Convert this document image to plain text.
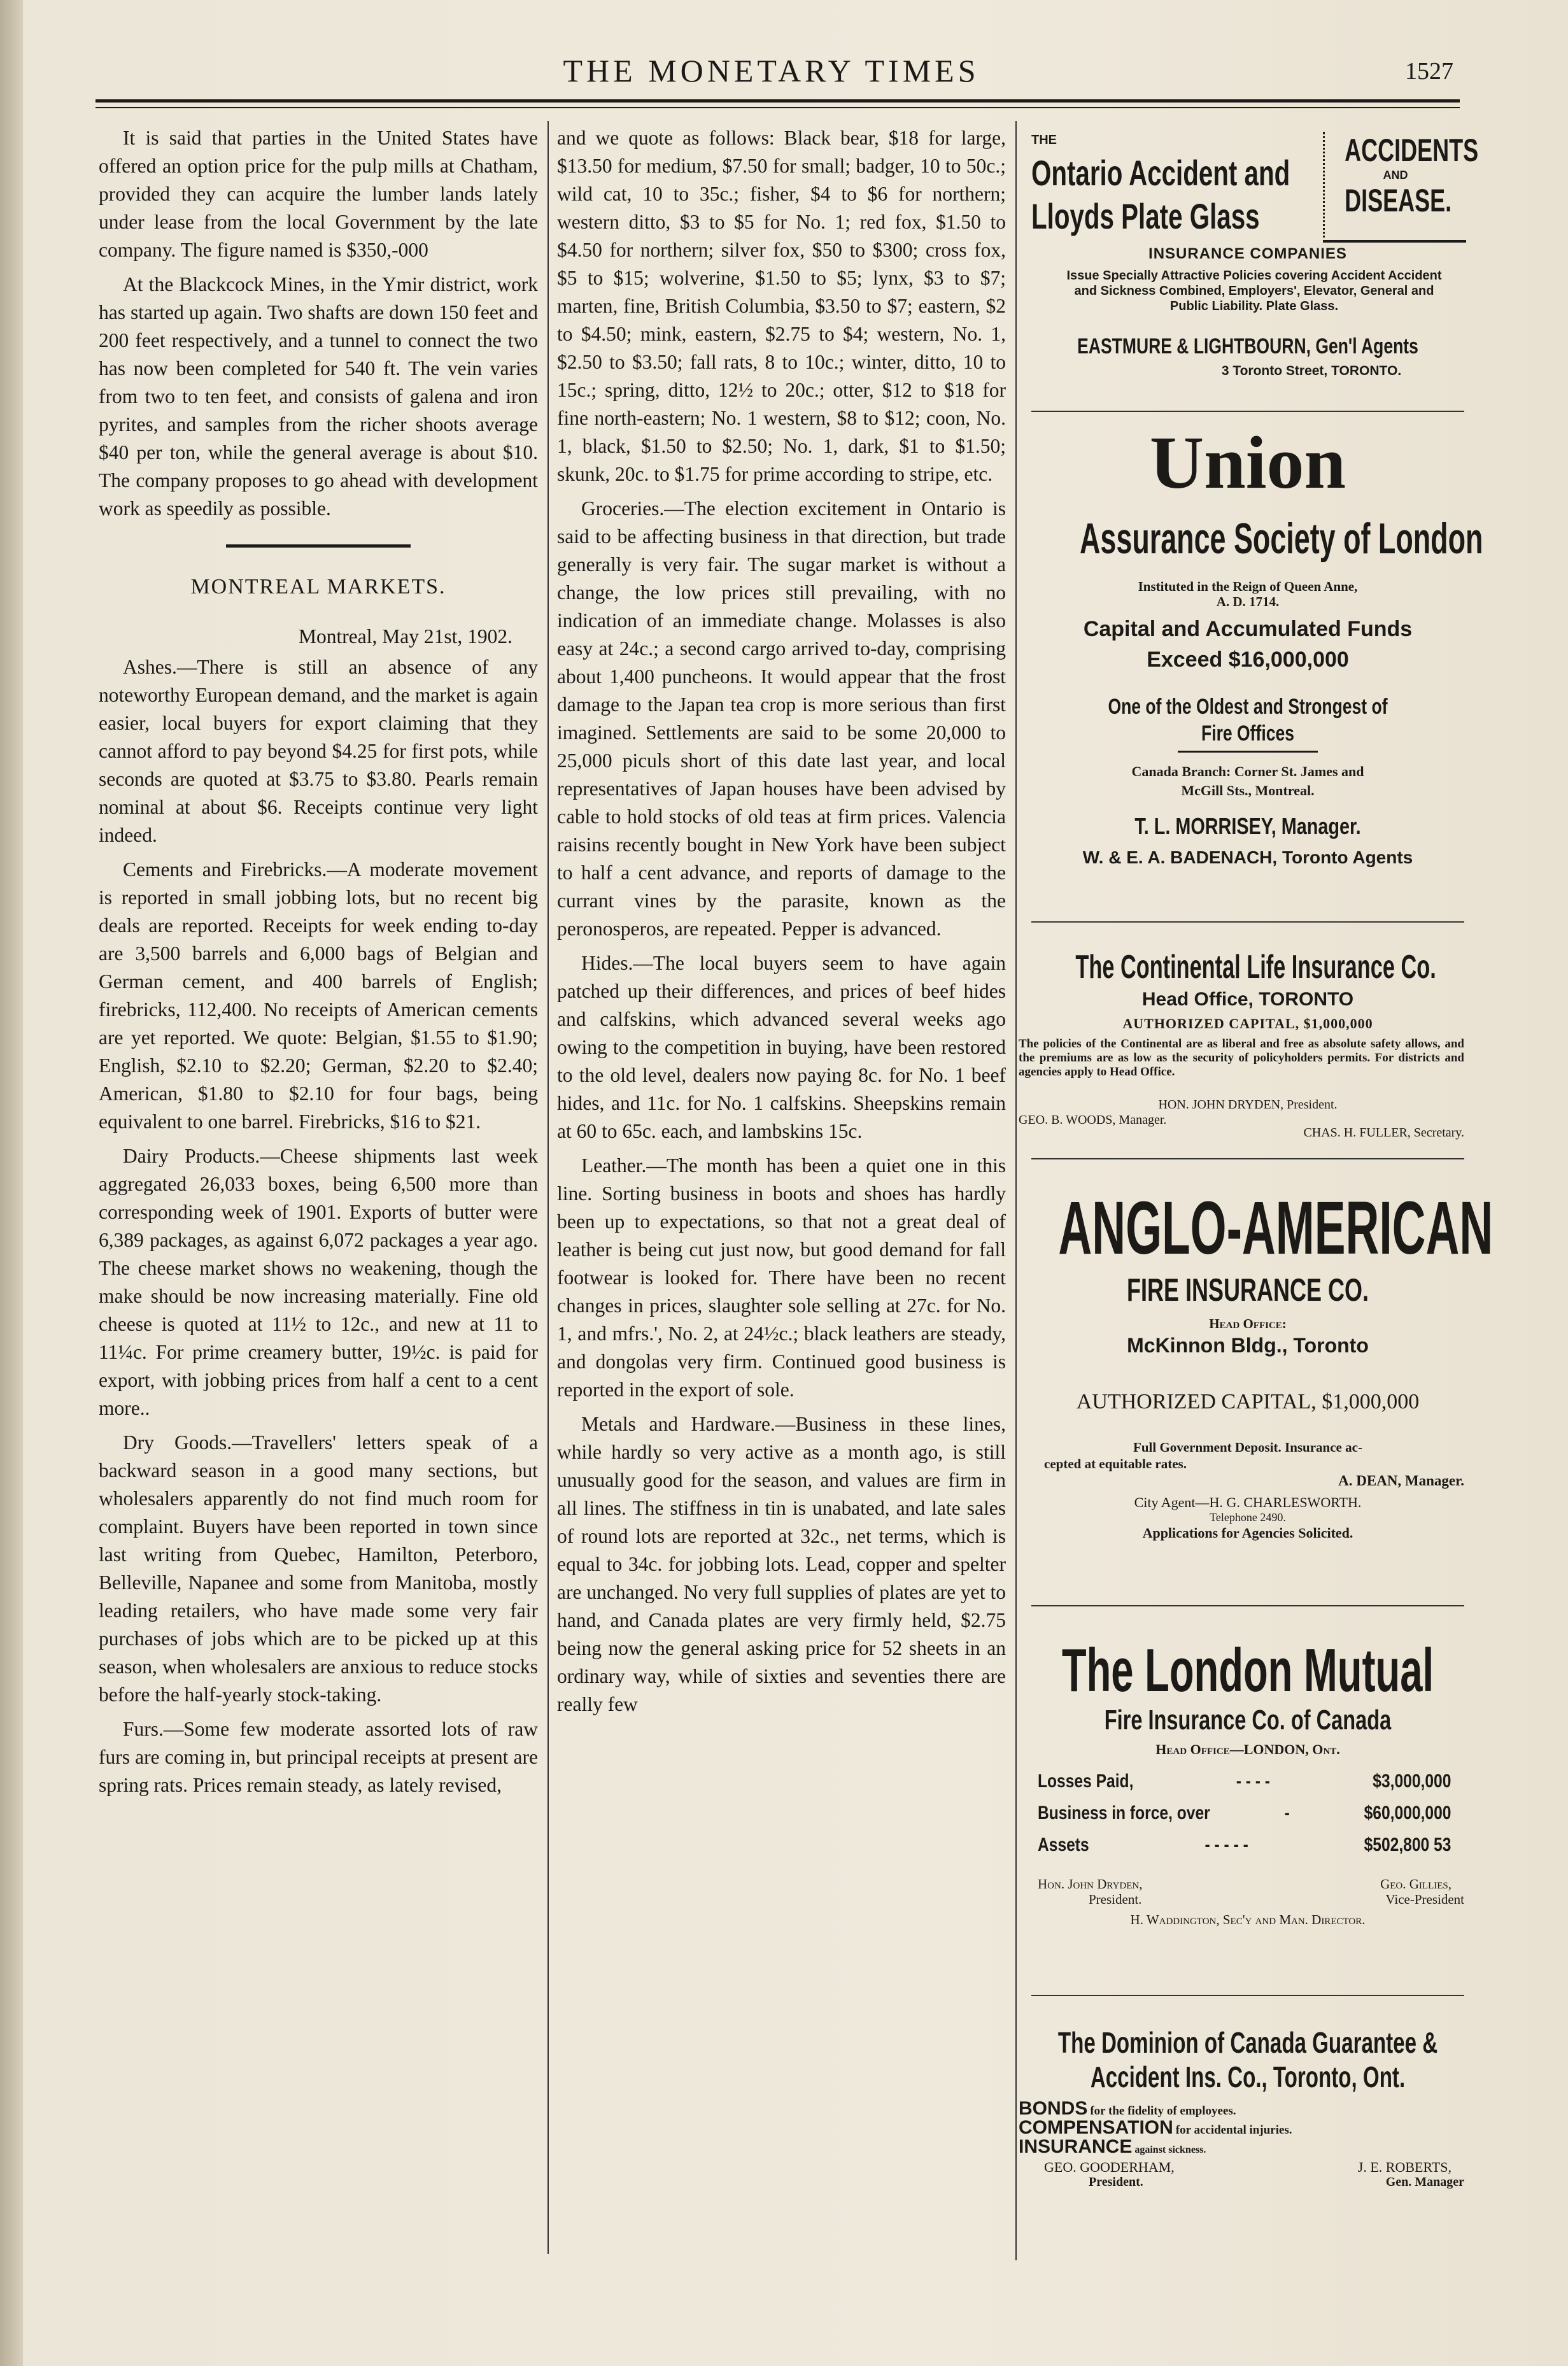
THE MONETARY TIMES	1527

It is said that parties in the United States have offered an option price for the pulp mills at Chatham, provided they can acquire the lumber lands lately under lease from the local Government by the late company. The figure named is $350,-000

At the Blackcock Mines, in the Ymir district, work has started up again. Two shafts are down 150 feet and 200 feet respectively, and a tunnel to connect the two has now been completed for 540 ft. The vein varies from two to ten feet, and consists of galena and iron pyrites, and samples from the richer shoots average $40 per ton, while the general average is about $10. The company proposes to go ahead with development work as speedily as possible.

MONTREAL MARKETS.
Montreal, May 21st, 1902.

Ashes.—There is still an absence of any noteworthy European demand, and the market is again easier, local buyers for export claiming that they cannot afford to pay beyond $4.25 for first pots, while seconds are quoted at $3.75 to $3.80. Pearls remain nominal at about $6. Receipts continue very light indeed.

Cements and Firebricks.—A moderate movement is reported in small jobbing lots, but no recent big deals are reported. Receipts for week ending to-day are 3,500 barrels and 6,000 bags of Belgian and German cement, and 400 barrels of English; firebricks, 112,400. No receipts of American cements are yet reported. We quote: Belgian, $1.55 to $1.90; English, $2.10 to $2.20; German, $2.20 to $2.40; American, $1.80 to $2.10 for four bags, being equivalent to one barrel. Firebricks, $16 to $21.

Dairy Products.—Cheese shipments last week aggregated 26,033 boxes, being 6,500 more than corresponding week of 1901. Exports of butter were 6,389 packages, as against 6,072 packages a year ago. The cheese market shows no weakening, though the make should be now increasing materially. Fine old cheese is quoted at 11½ to 12c., and new at 11 to 11¼c. For prime creamery butter, 19½c. is paid for export, with jobbing prices from half a cent to a cent more..

Dry Goods.—Travellers' letters speak of a backward season in a good many sections, but wholesalers apparently do not find much room for complaint. Buyers have been reported in town since last writing from Quebec, Hamilton, Peterboro, Belleville, Napanee and some from Manitoba, mostly leading retailers, who have made some very fair purchases of jobs which are to be picked up at this season, when wholesalers are anxious to reduce stocks before the half-yearly stock-taking.

Furs.—Some few moderate assorted lots of raw furs are coming in, but principal receipts at present are spring rats. Prices remain steady, as lately revised,

and we quote as follows: Black bear, $18 for large, $13.50 for medium, $7.50 for small; badger, 10 to 50c.; wild cat, 10 to 35c.; fisher, $4 to $6 for northern; western ditto, $3 to $5 for No. 1; red fox, $1.50 to $4.50 for northern; silver fox, $50 to $300; cross fox, $5 to $15; wolverine, $1.50 to $5; lynx, $3 to $7; marten, fine, British Columbia, $3.50 to $7; eastern, $2 to $4.50; mink, eastern, $2.75 to $4; western, No. 1, $2.50 to $3.50; fall rats, 8 to 10c.; winter, ditto, 10 to 15c.; spring, ditto, 12½ to 20c.; otter, $12 to $18 for fine north-eastern; No. 1 western, $8 to $12; coon, No. 1, black, $1.50 to $2.50; No. 1, dark, $1 to $1.50; skunk, 20c. to $1.75 for prime according to stripe, etc.

Groceries.—The election excitement in Ontario is said to be affecting business in that direction, but trade generally is very fair. The sugar market is without a change, the low prices still prevailing, with no indication of an immediate change. Molasses is also easy at 24c.; a second cargo arrived to-day, comprising about 1,400 puncheons. It would appear that the frost damage to the Japan tea crop is more serious than first imagined. Settlements are said to be some 20,000 to 25,000 piculs short of this date last year, and local representatives of Japan houses have been advised by cable to hold stocks of old teas at firm prices. Valencia raisins recently bought in New York have been subject to half a cent advance, and reports of damage to the currant vines by the parasite, known as the peronosperos, are repeated. Pepper is advanced.

Hides.—The local buyers seem to have again patched up their differences, and prices of beef hides and calfskins, which advanced several weeks ago owing to the competition in buying, have been restored to the old level, dealers now paying 8c. for No. 1 beef hides, and 11c. for No. 1 calfskins. Sheepskins remain at 60 to 65c. each, and lambskins 15c.

Leather.—The month has been a quiet one in this line. Sorting business in boots and shoes has hardly been up to expectations, so that not a great deal of leather is being cut just now, but good demand for fall footwear is looked for. There have been no recent changes in prices, slaughter sole selling at 27c. for No. 1, and mfrs.', No. 2, at 24½c.; black leathers are steady, and dongolas very firm. Continued good business is reported in the export of sole.

Metals and Hardware.—Business in these lines, while hardly so very active as a month ago, is still unusually good for the season, and values are firm in all lines. The stiffness in tin is unabated, and late sales of round lots are reported at 32c., net terms, which is equal to 34c. for jobbing lots. Lead, copper and spelter are unchanged. No very full supplies of plates are yet to hand, and Canada plates are very firmly held, $2.75 being now the general asking price for 52 sheets in an ordinary way, while of sixties and seventies there are really few

THE
Ontario Accident and
Lloyds Plate Glass
ACCIDENTS
AND
DISEASE.
INSURANCE COMPANIES
Issue Specially Attractive Policies covering Accident Accident and Sickness Combined, Employers', Elevator, General and Public Liability. Plate Glass.
EASTMURE & LIGHTBOURN, Gen'l Agents
3 Toronto Street, TORONTO.
Union
Assurance Society of London
Instituted in the Reign of Queen Anne,
A. D. 1714.
Capital and Accumulated Funds
Exceed $16,000,000
One of the Oldest and Strongest of
Fire Offices
Canada Branch: Corner St. James and
McGill Sts., Montreal.
T. L. MORRISEY, Manager.
W. & E. A. BADENACH, Toronto Agents
The Continental Life Insurance Co.
Head Office, TORONTO
AUTHORIZED CAPITAL, $1,000,000
The policies of the Continental are as liberal and free as absolute safety allows, and the premiums are as low as the security of policyholders permits. For districts and agencies apply to Head Office.
HON. JOHN DRYDEN, President.
GEO. B. WOODS, Manager.
CHAS. H. FULLER, Secretary.
ANGLO-AMERICAN
FIRE INSURANCE CO.
Head Office:
McKinnon Bldg., Toronto
AUTHORIZED CAPITAL, $1,000,000
Full Government Deposit. Insurance ac-
cepted at equitable rates.
A. DEAN, Manager.
City Agent—H. G. CHARLESWORTH.
Telephone 2490.
Applications for Agencies Solicited.
The London Mutual
Fire Insurance Co. of Canada
Head Office—LONDON, Ont.
Losses Paid,	- - - -	$3,000,000
Business in force, over	-	$60,000,000
Assets	- - - - -	$502,800 53
Hon. John Dryden,
President.
Geo. Gillies,
Vice-President
H. Waddington, Sec'y and Man. Director.
The Dominion of Canada Guarantee &
Accident Ins. Co., Toronto, Ont.
BONDS for the fidelity of employees.
COMPENSATION for accidental injuries.
INSURANCE against sickness.
GEO. GOODERHAM,
President.
J. E. ROBERTS,
Gen. Manager
